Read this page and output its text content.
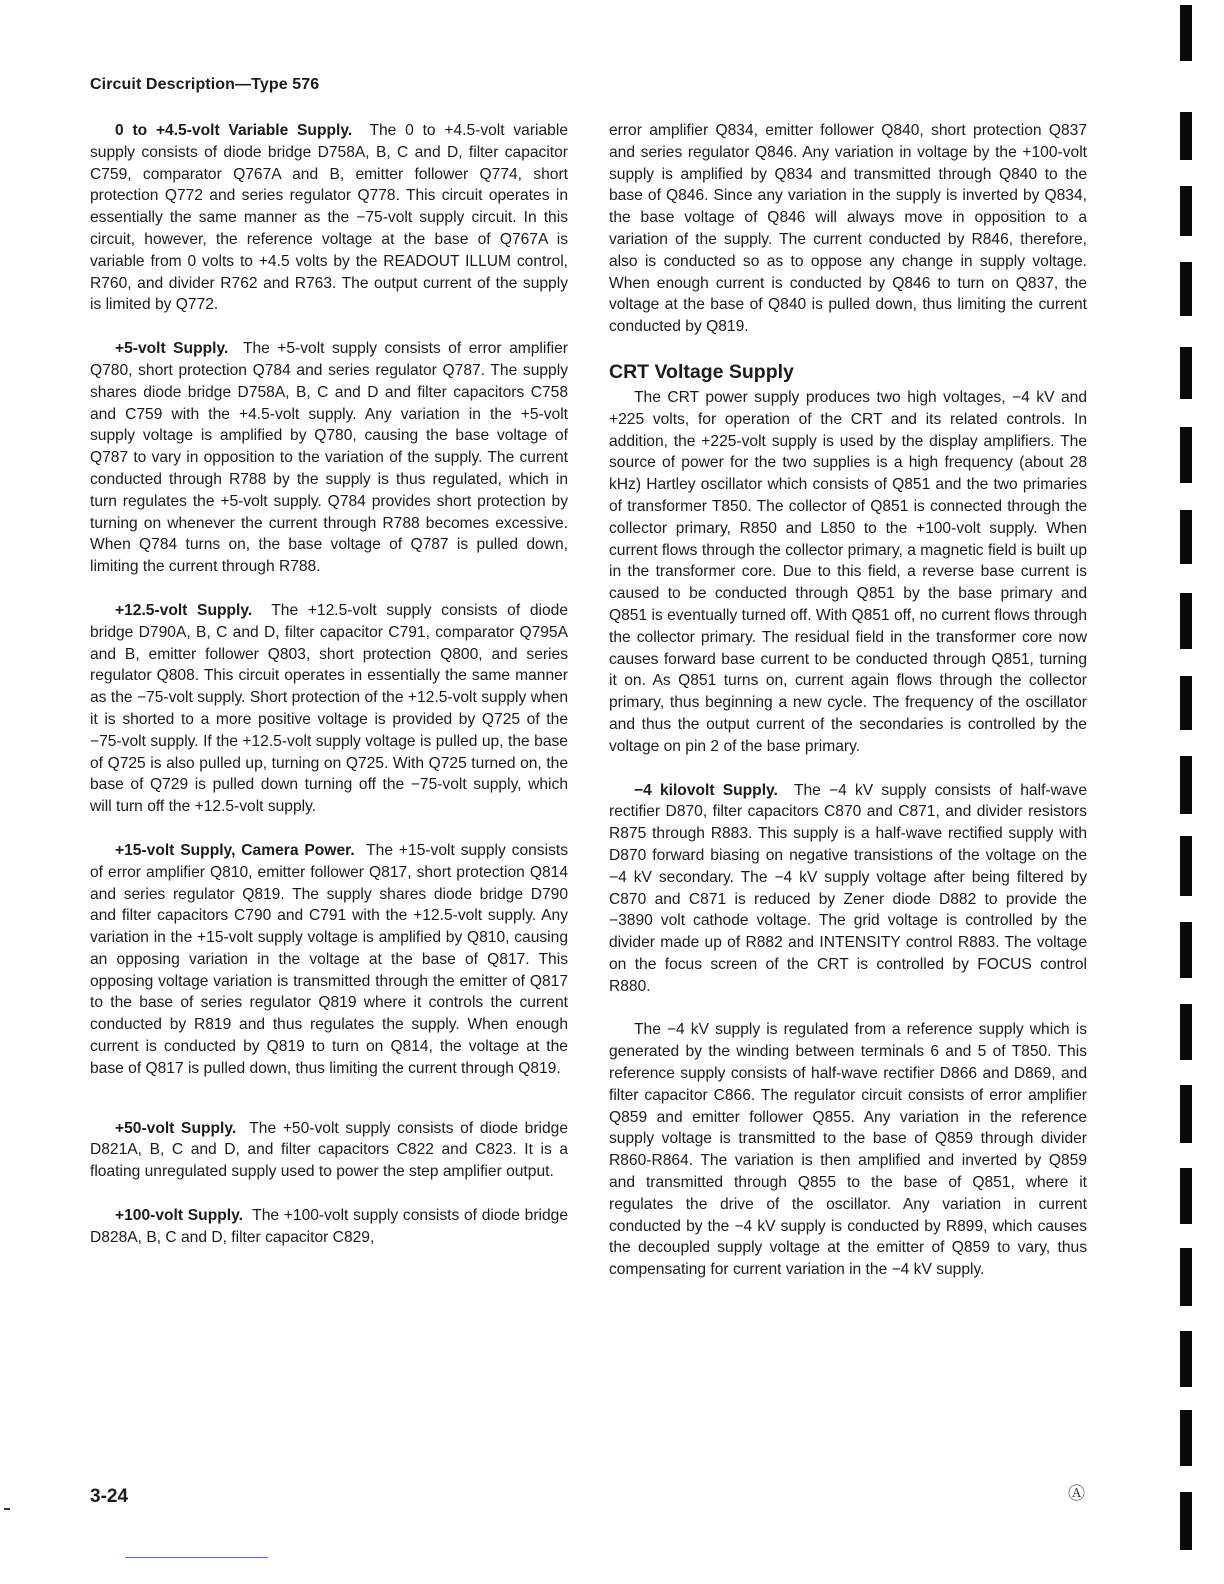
Circuit Description—Type 576

0 to +4.5-volt Variable Supply. The 0 to +4.5-volt variable supply consists of diode bridge D758A, B, C and D, filter capacitor C759, comparator Q767A and B, emitter follower Q774, short protection Q772 and series regulator Q778. This circuit operates in essentially the same manner as the −75-volt supply circuit. In this circuit, however, the reference voltage at the base of Q767A is variable from 0 volts to +4.5 volts by the READOUT ILLUM control, R760, and divider R762 and R763. The output current of the supply is limited by Q772.

+5-volt Supply. The +5-volt supply consists of error amplifier Q780, short protection Q784 and series regulator Q787. The supply shares diode bridge D758A, B, C and D and filter capacitors C758 and C759 with the +4.5-volt supply. Any variation in the +5-volt supply voltage is amplified by Q780, causing the base voltage of Q787 to vary in opposition to the variation of the supply. The current conducted through R788 by the supply is thus regulated, which in turn regulates the +5-volt supply. Q784 provides short protection by turning on whenever the current through R788 becomes excessive. When Q784 turns on, the base voltage of Q787 is pulled down, limiting the current through R788.

+12.5-volt Supply. The +12.5-volt supply consists of diode bridge D790A, B, C and D, filter capacitor C791, comparator Q795A and B, emitter follower Q803, short protection Q800, and series regulator Q808. This circuit operates in essentially the same manner as the −75-volt supply. Short protection of the +12.5-volt supply when it is shorted to a more positive voltage is provided by Q725 of the −75-volt supply. If the +12.5-volt supply voltage is pulled up, the base of Q725 is also pulled up, turning on Q725. With Q725 turned on, the base of Q729 is pulled down turning off the −75-volt supply, which will turn off the +12.5-volt supply.

+15-volt Supply, Camera Power. The +15-volt supply consists of error amplifier Q810, emitter follower Q817, short protection Q814 and series regulator Q819. The supply shares diode bridge D790 and filter capacitors C790 and C791 with the +12.5-volt supply. Any variation in the +15-volt supply voltage is amplified by Q810, causing an opposing variation in the voltage at the base of Q817. This opposing voltage variation is transmitted through the emitter of Q817 to the base of series regulator Q819 where it controls the current conducted by R819 and thus regulates the supply. When enough current is conducted by Q819 to turn on Q814, the voltage at the base of Q817 is pulled down, thus limiting the current through Q819.

+50-volt Supply. The +50-volt supply consists of diode bridge D821A, B, C and D, and filter capacitors C822 and C823. It is a floating unregulated supply used to power the step amplifier output.

+100-volt Supply. The +100-volt supply consists of diode bridge D828A, B, C and D, filter capacitor C829,

error amplifier Q834, emitter follower Q840, short protection Q837 and series regulator Q846. Any variation in voltage by the +100-volt supply is amplified by Q834 and transmitted through Q840 to the base of Q846. Since any variation in the supply is inverted by Q834, the base voltage of Q846 will always move in opposition to a variation of the supply. The current conducted by R846, therefore, also is conducted so as to oppose any change in supply voltage. When enough current is conducted by Q846 to turn on Q837, the voltage at the base of Q840 is pulled down, thus limiting the current conducted by Q819.

CRT Voltage Supply

The CRT power supply produces two high voltages, −4 kV and +225 volts, for operation of the CRT and its related controls. In addition, the +225-volt supply is used by the display amplifiers. The source of power for the two supplies is a high frequency (about 28 kHz) Hartley oscillator which consists of Q851 and the two primaries of transformer T850. The collector of Q851 is connected through the collector primary, R850 and L850 to the +100-volt supply. When current flows through the collector primary, a magnetic field is built up in the transformer core. Due to this field, a reverse base current is caused to be conducted through Q851 by the base primary and Q851 is eventually turned off. With Q851 off, no current flows through the collector primary. The residual field in the transformer core now causes forward base current to be conducted through Q851, turning it on. As Q851 turns on, current again flows through the collector primary, thus beginning a new cycle. The frequency of the oscillator and thus the output current of the secondaries is controlled by the voltage on pin 2 of the base primary.

−4 kilovolt Supply. The −4 kV supply consists of half-wave rectifier D870, filter capacitors C870 and C871, and divider resistors R875 through R883. This supply is a half-wave rectified supply with D870 forward biasing on negative transistions of the voltage on the −4 kV secondary. The −4 kV supply voltage after being filtered by C870 and C871 is reduced by Zener diode D882 to provide the −3890 volt cathode voltage. The grid voltage is controlled by the divider made up of R882 and INTENSITY control R883. The voltage on the focus screen of the CRT is controlled by FOCUS control R880.

The −4 kV supply is regulated from a reference supply which is generated by the winding between terminals 6 and 5 of T850. This reference supply consists of half-wave rectifier D866 and D869, and filter capacitor C866. The regulator circuit consists of error amplifier Q859 and emitter follower Q855. Any variation in the reference supply voltage is transmitted to the base of Q859 through divider R860-R864. The variation is then amplified and inverted by Q859 and transmitted through Q855 to the base of Q851, where it regulates the drive of the oscillator. Any variation in current conducted by the −4 kV supply is conducted by R899, which causes the decoupled supply voltage at the emitter of Q859 to vary, thus compensating for current variation in the −4 kV supply.

3-24	Ⓐ
